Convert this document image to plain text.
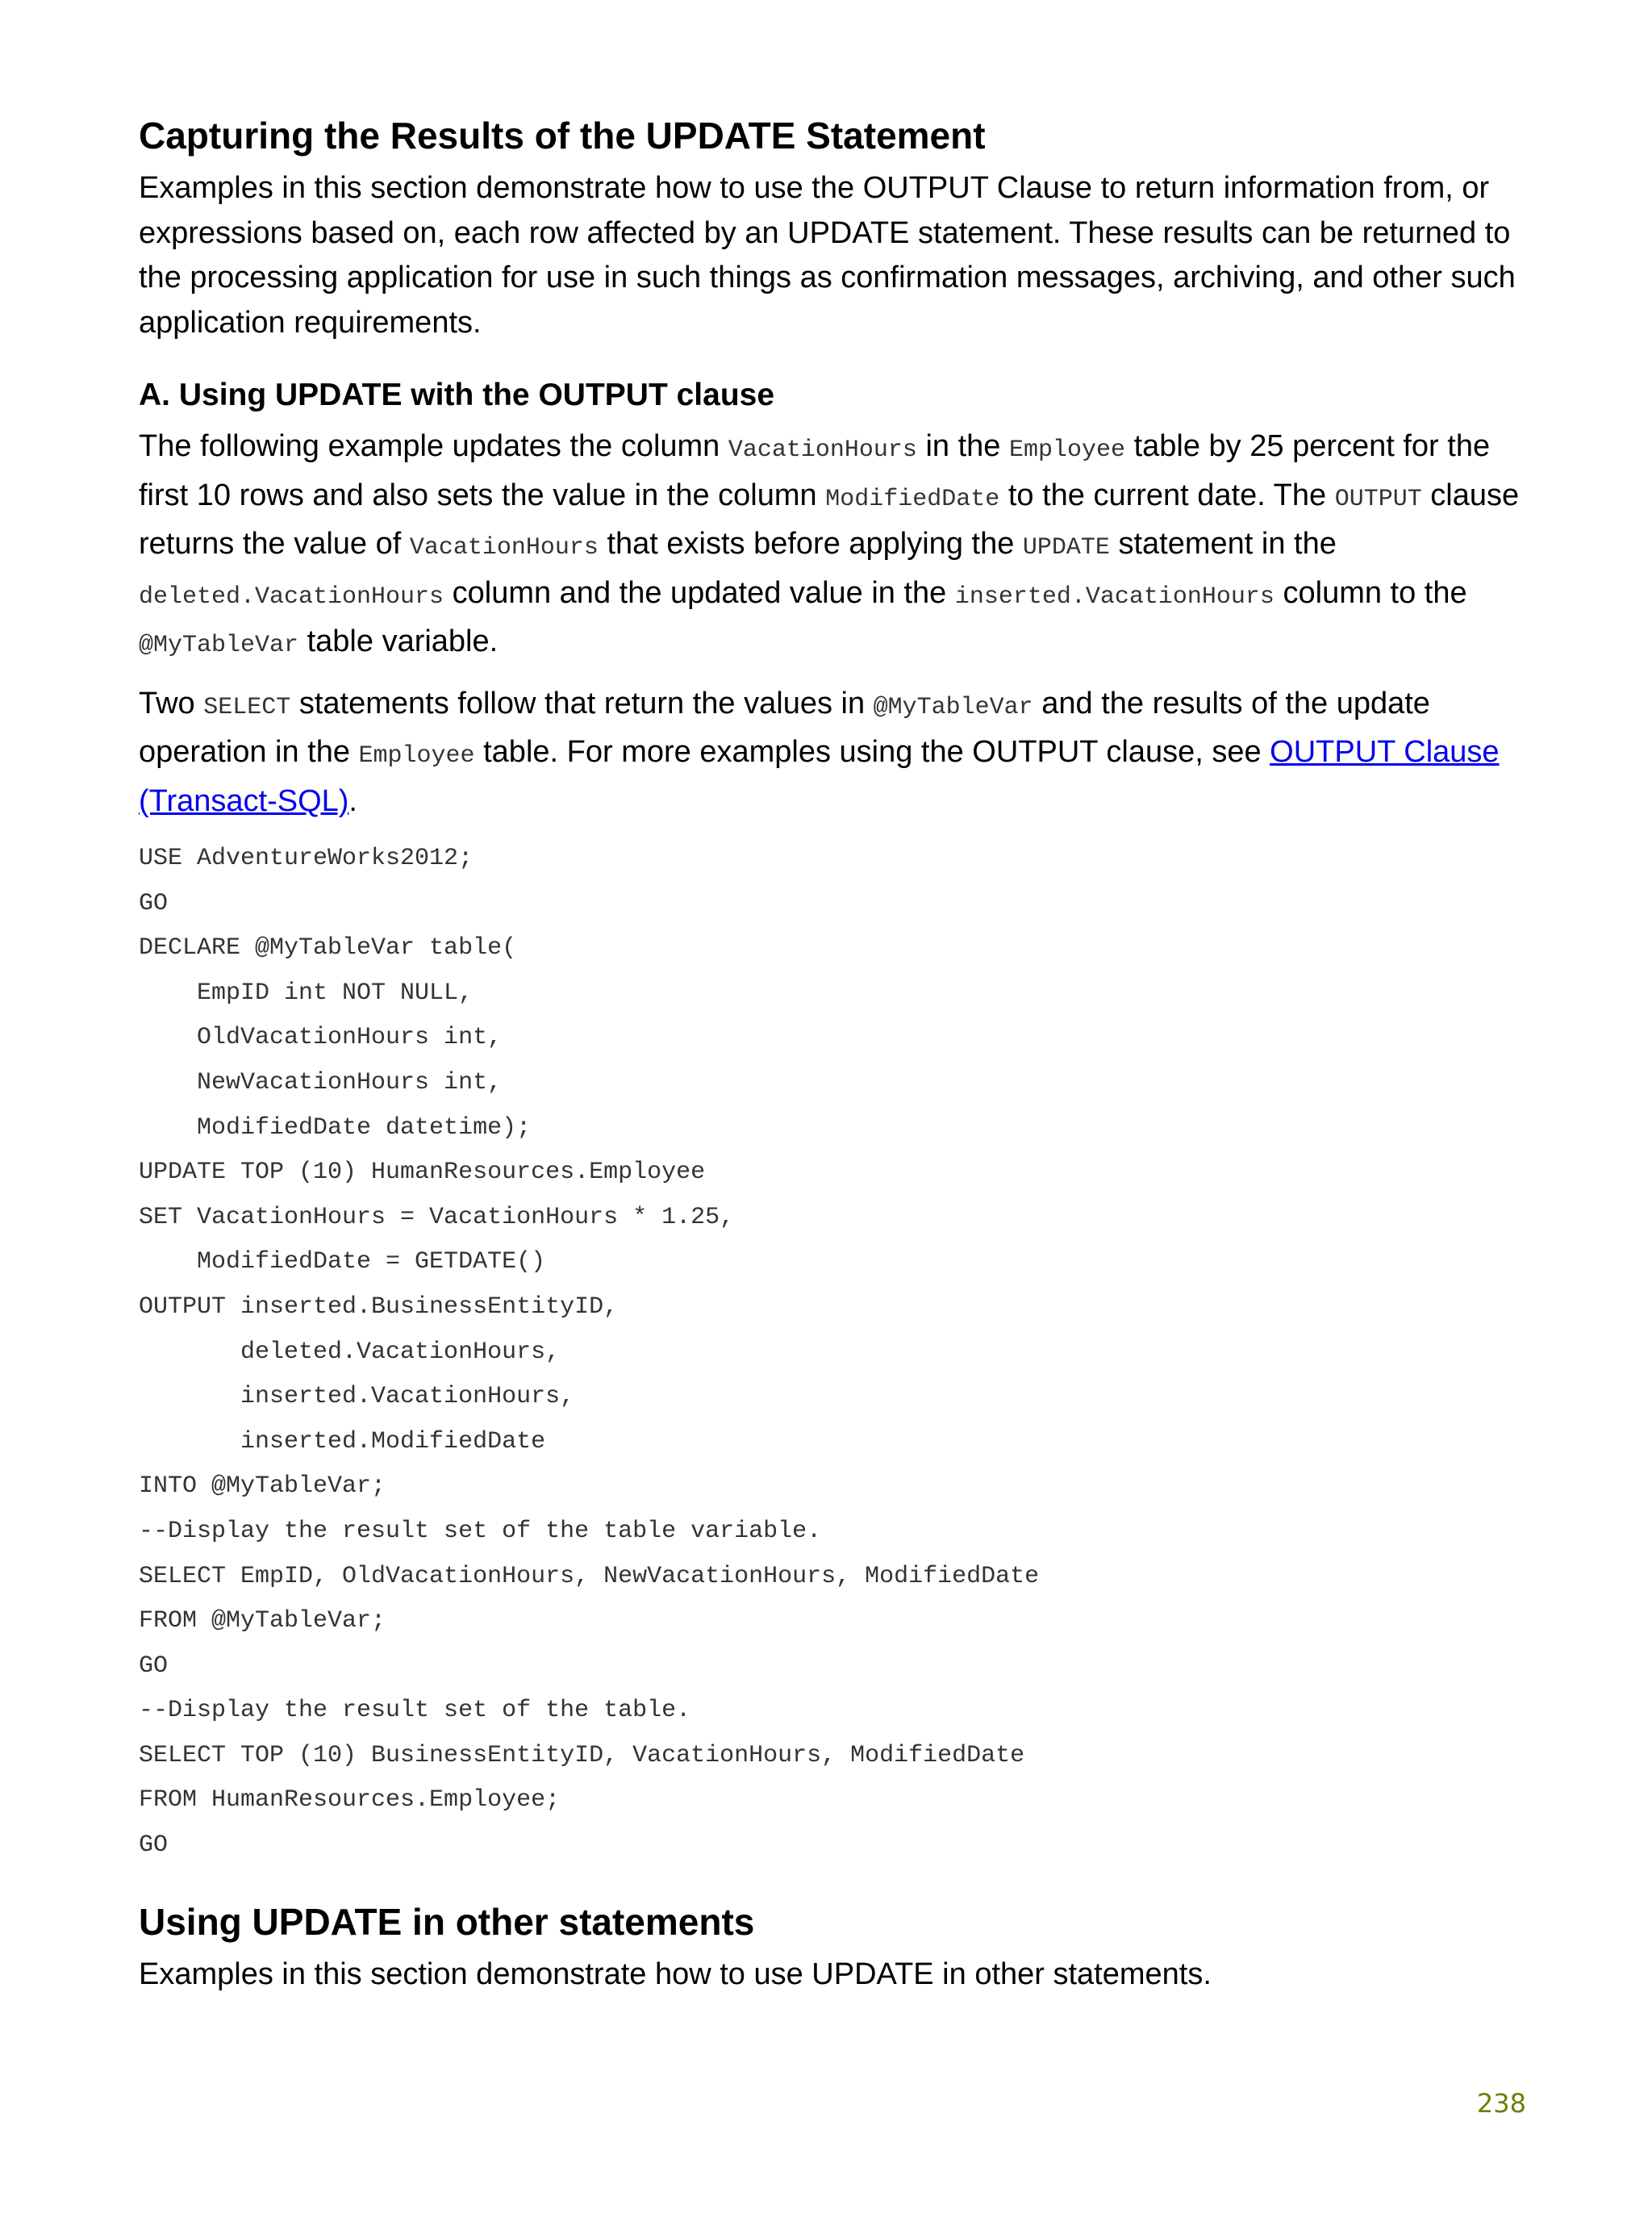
Capturing the Results of the UPDATE Statement

Examples in this section demonstrate how to use the OUTPUT Clause to return information from, or expressions based on, each row affected by an UPDATE statement. These results can be returned to the processing application for use in such things as confirmation messages, archiving, and other such application requirements.

A. Using UPDATE with the OUTPUT clause

The following example updates the column VacationHours in the Employee table by 25 percent for the first 10 rows and also sets the value in the column ModifiedDate to the current date. The OUTPUT clause returns the value of VacationHours that exists before applying the UPDATE statement in the deleted.VacationHours column and the updated value in the inserted.VacationHours column to the @MyTableVar table variable.

Two SELECT statements follow that return the values in @MyTableVar and the results of the update operation in the Employee table. For more examples using the OUTPUT clause, see OUTPUT Clause (Transact-SQL).

USE AdventureWorks2012;
GO
DECLARE @MyTableVar table(
EmpID int NOT NULL,
OldVacationHours int,
NewVacationHours int,
ModifiedDate datetime);
UPDATE TOP (10) HumanResources.Employee
SET VacationHours = VacationHours * 1.25,
ModifiedDate = GETDATE()
OUTPUT inserted.BusinessEntityID,
deleted.VacationHours,
inserted.VacationHours,
inserted.ModifiedDate
INTO @MyTableVar;
--Display the result set of the table variable.
SELECT EmpID, OldVacationHours, NewVacationHours, ModifiedDate
FROM @MyTableVar;
GO
--Display the result set of the table.
SELECT TOP (10) BusinessEntityID, VacationHours, ModifiedDate
FROM HumanResources.Employee;
GO
Using UPDATE in other statements

Examples in this section demonstrate how to use UPDATE in other statements.

238
